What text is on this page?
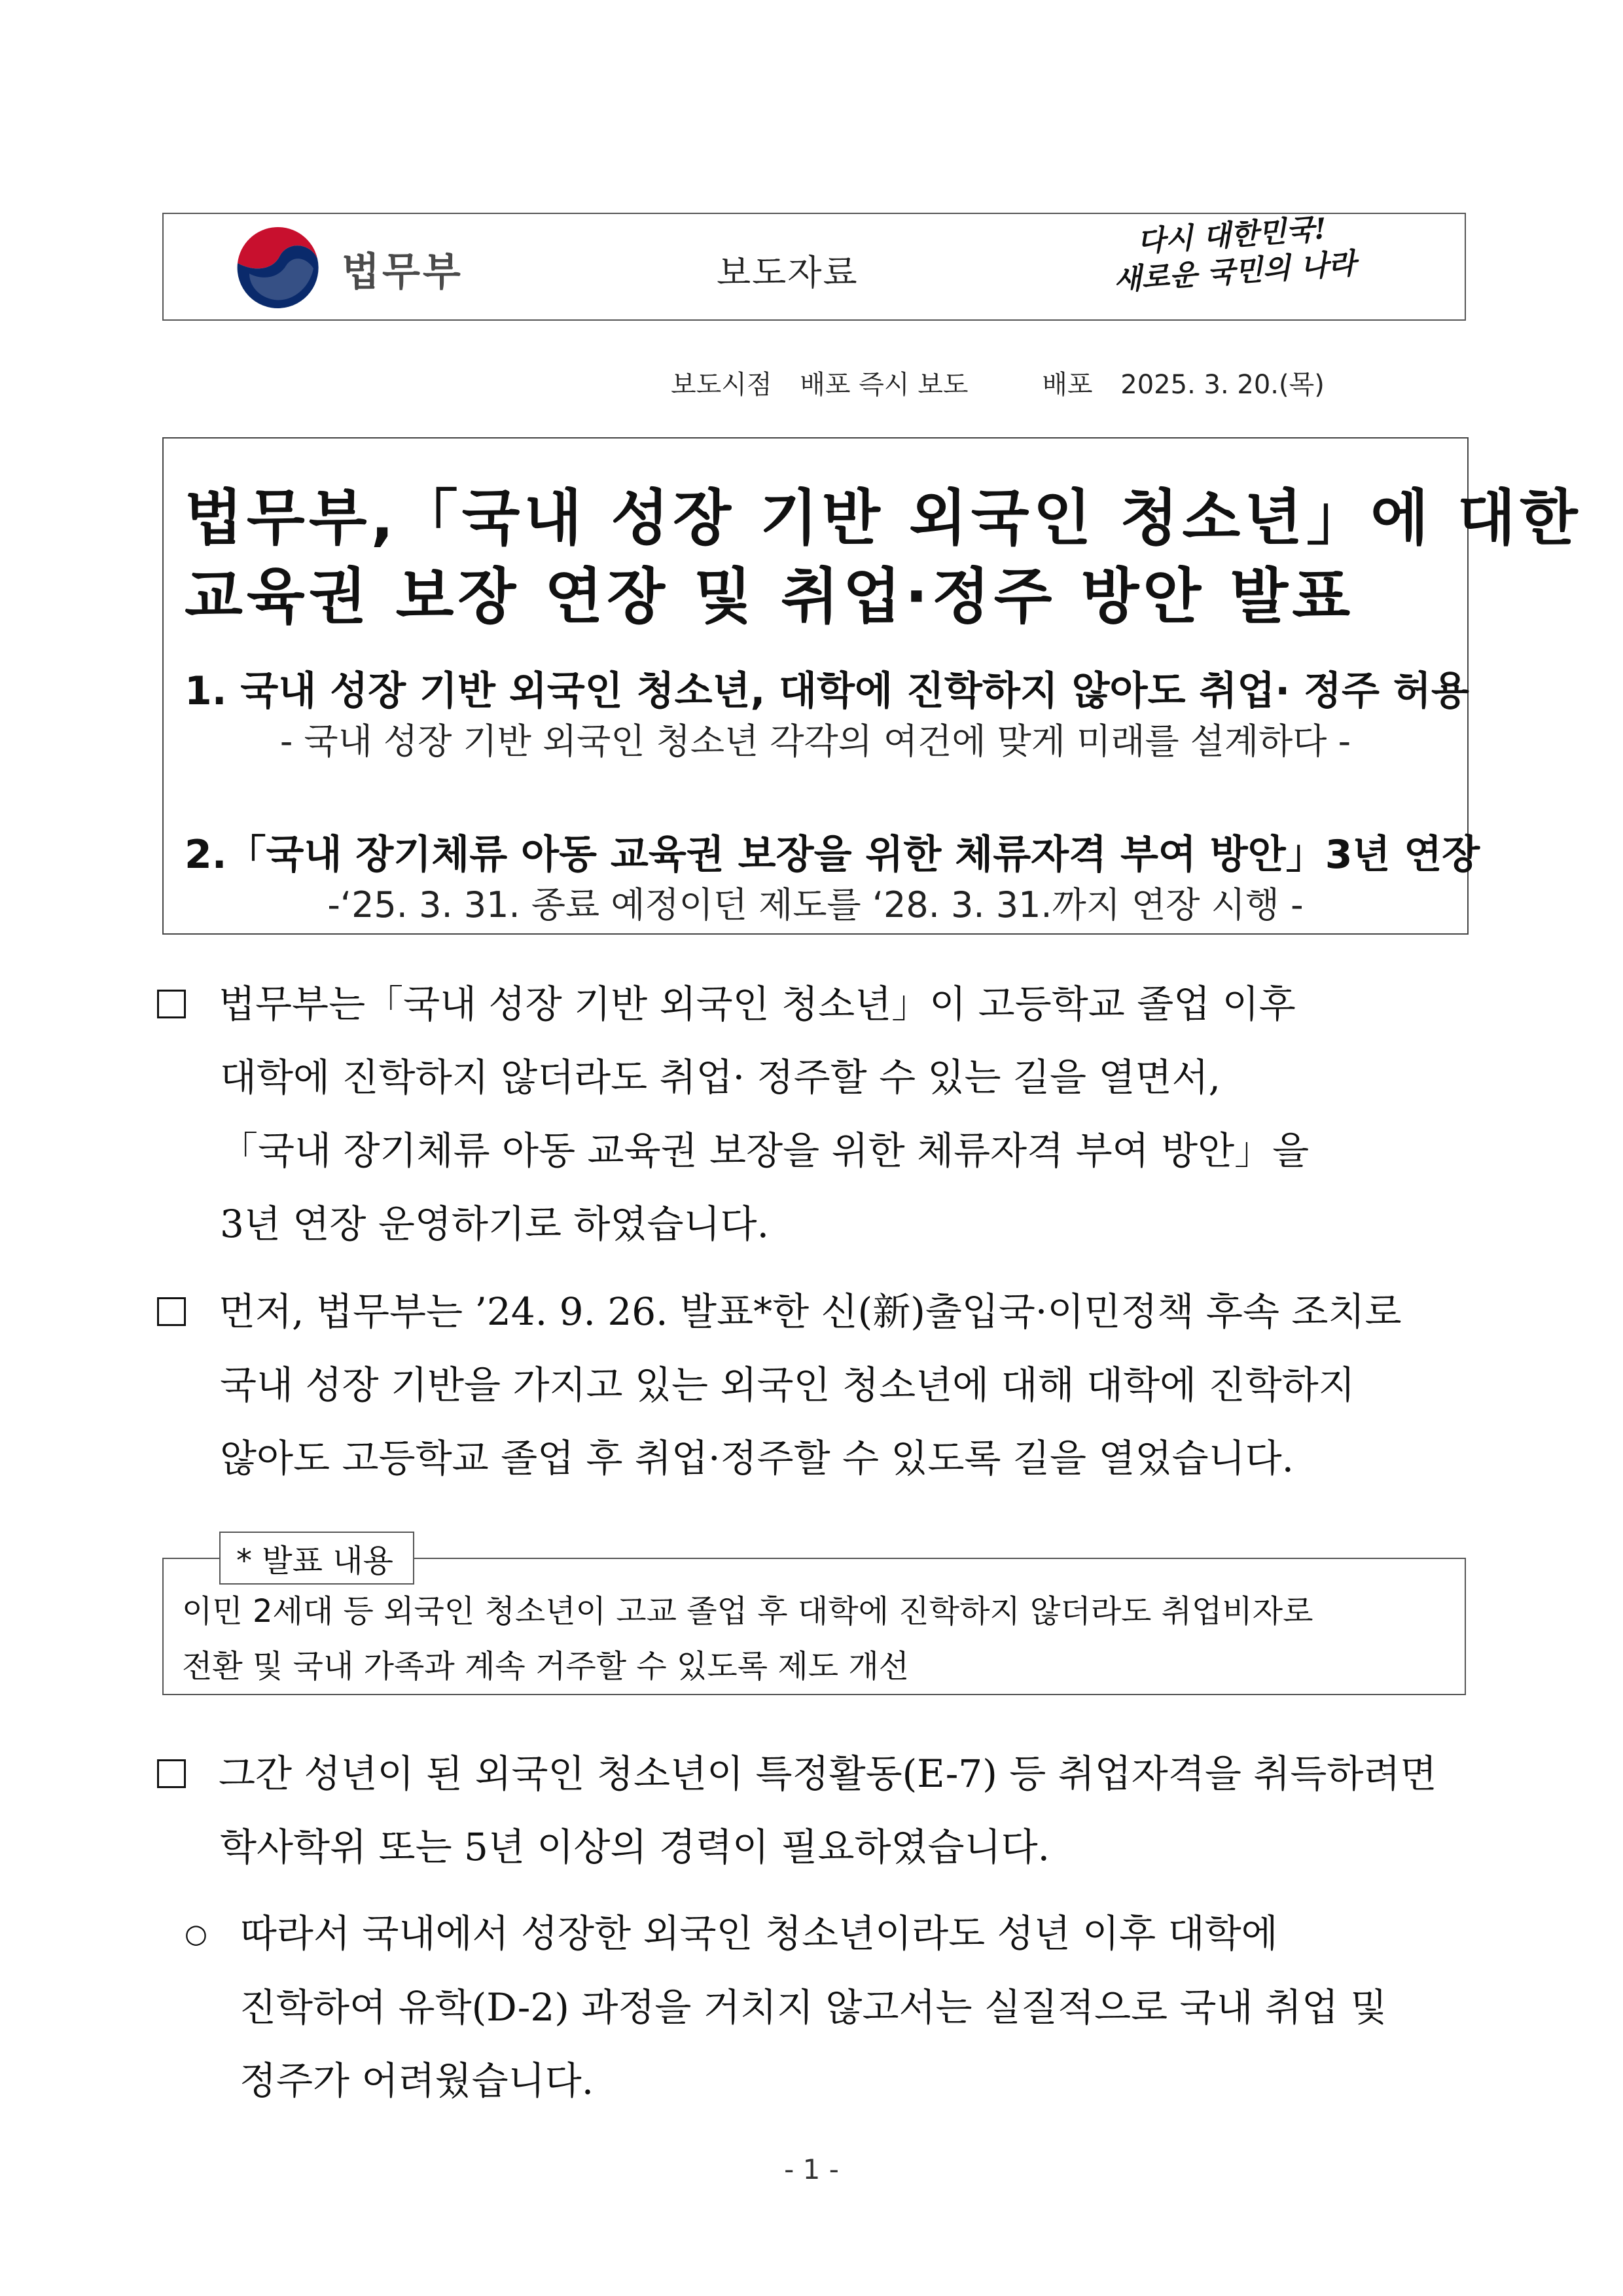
법무부	보도자료
다시 대한민국!
새로운 국민의 나라
보도시점 배포 즉시 보도	배포 2025. 3. 20.(목)
법무부,「국내 성장 기반 외국인 청소년」에 대한
교육권 보장 연장 및 취업·정주 방안 발표
1. 국내 성장 기반 외국인 청소년, 대학에 진학하지 않아도 취업· 정주 허용
- 국내 성장 기반 외국인 청소년 각각의 여건에 맞게 미래를 설계하다 -
2.「국내 장기체류 아동 교육권 보장을 위한 체류자격 부여 방안」3년 연장
-‘25. 3. 31. 종료 예정이던 제도를 ‘28. 3. 31.까지 연장 시행 -
법무부는「국내 성장 기반 외국인 청소년」이 고등학교 졸업 이후
대학에 진학하지 않더라도 취업· 정주할 수 있는 길을 열면서,
「국내 장기체류 아동 교육권 보장을 위한 체류자격 부여 방안」을
3년 연장 운영하기로 하였습니다.
먼저, 법무부는 ’24. 9. 26. 발표*한 신(新)출입국·이민정책 후속 조치로
국내 성장 기반을 가지고 있는 외국인 청소년에 대해 대학에 진학하지
않아도 고등학교 졸업 후 취업·정주할 수 있도록 길을 열었습니다.
* 발표 내용
이민 2세대 등 외국인 청소년이 고교 졸업 후 대학에 진학하지 않더라도 취업비자로
전환 및 국내 가족과 계속 거주할 수 있도록 제도 개선
그간 성년이 된 외국인 청소년이 특정활동(E-7) 등 취업자격을 취득하려면
학사학위 또는 5년 이상의 경력이 필요하였습니다.
○ 따라서 국내에서 성장한 외국인 청소년이라도 성년 이후 대학에
진학하여 유학(D-2) 과정을 거치지 않고서는 실질적으로 국내 취업 및
정주가 어려웠습니다.
- 1 -
